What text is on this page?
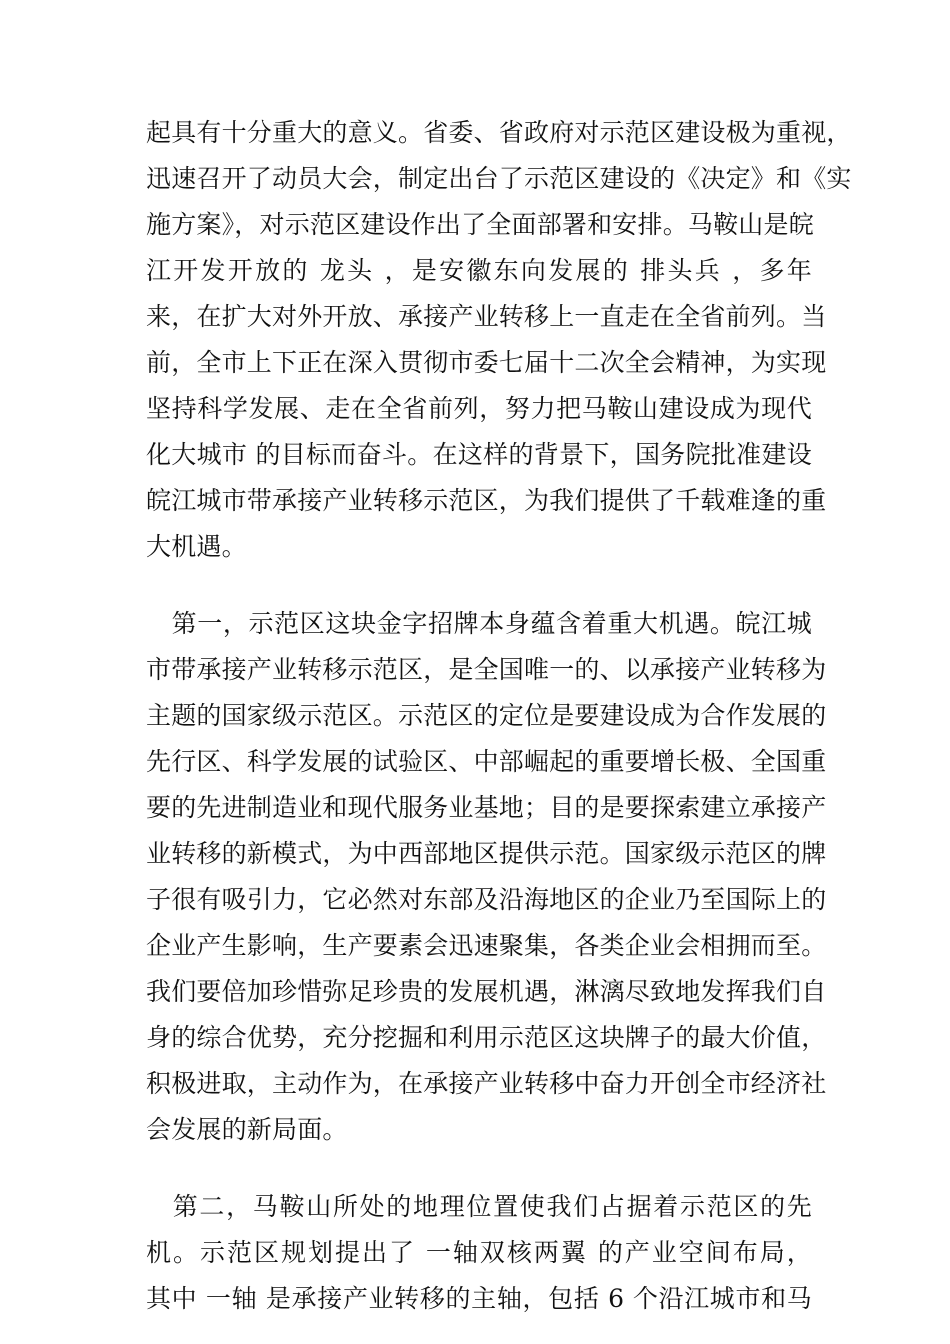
起具有十分重大的意义。省委、省政府对示范区建设极为重视，
迅速召开了动员大会，制定出台了示范区建设的《决定》和《实
施方案》，对示范区建设作出了全面部署和安排。马鞍山是皖
江开发开放的 龙头 ，是安徽东向发展的 排头兵 ，多年
来，在扩大对外开放、承接产业转移上一直走在全省前列。当
前，全市上下正在深入贯彻市委七届十二次全会精神，为实现
坚持科学发展、走在全省前列，努力把马鞍山建设成为现代
化大城市 的目标而奋斗。在这样的背景下，国务院批准建设
皖江城市带承接产业转移示范区，为我们提供了千载难逢的重
大机遇。
　第一，示范区这块金字招牌本身蕴含着重大机遇。皖江城
市带承接产业转移示范区，是全国唯一的、以承接产业转移为
主题的国家级示范区。示范区的定位是要建设成为合作发展的
先行区、科学发展的试验区、中部崛起的重要增长极、全国重
要的先进制造业和现代服务业基地；目的是要探索建立承接产
业转移的新模式，为中西部地区提供示范。国家级示范区的牌
子很有吸引力，它必然对东部及沿海地区的企业乃至国际上的
企业产生影响，生产要素会迅速聚集，各类企业会相拥而至。
我们要倍加珍惜弥足珍贵的发展机遇，淋漓尽致地发挥我们自
身的综合优势，充分挖掘和利用示范区这块牌子的最大价值，
积极进取，主动作为，在承接产业转移中奋力开创全市经济社
会发展的新局面。
　第二，马鞍山所处的地理位置使我们占据着示范区的先
机。示范区规划提出了 一轴双核两翼 的产业空间布局，
其中 一轴 是承接产业转移的主轴，包括 6 个沿江城市和马
